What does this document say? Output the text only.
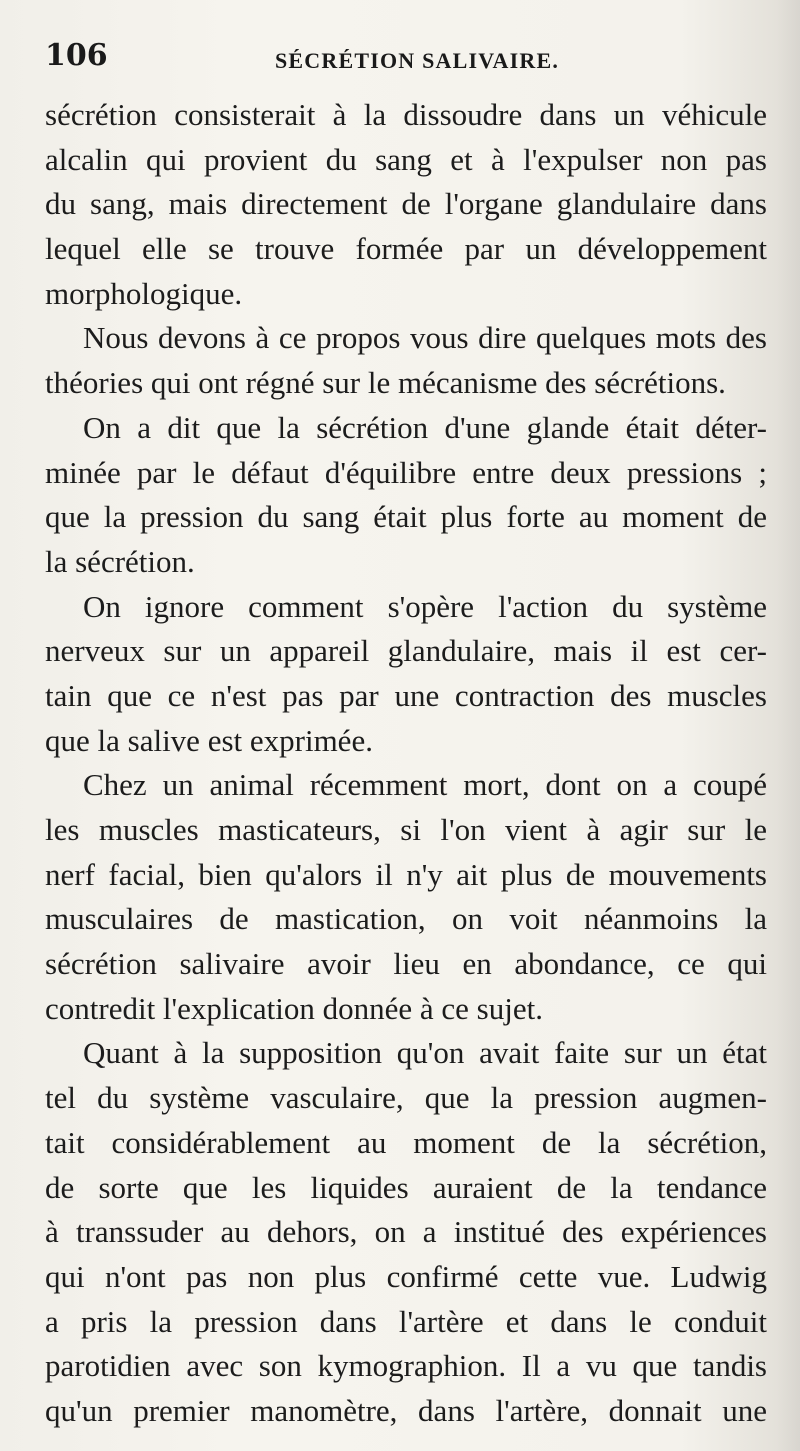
106	SÉCRÉTION SALIVAIRE.
sécrétion consisterait à la dissoudre dans un véhicule
alcalin qui provient du sang et à l'expulser non pas
du sang, mais directement de l'organe glandulaire dans
lequel elle se trouve formée par un développement
morphologique.
Nous devons à ce propos vous dire quelques mots des
théories qui ont régné sur le mécanisme des sécrétions.
On a dit que la sécrétion d'une glande était déter-
minée par le défaut d'équilibre entre deux pressions ;
que la pression du sang était plus forte au moment de
la sécrétion.
On ignore comment s'opère l'action du système
nerveux sur un appareil glandulaire, mais il est cer-
tain que ce n'est pas par une contraction des muscles
que la salive est exprimée.
Chez un animal récemment mort, dont on a coupé
les muscles masticateurs, si l'on vient à agir sur le
nerf facial, bien qu'alors il n'y ait plus de mouvements
musculaires de mastication, on voit néanmoins la
sécrétion salivaire avoir lieu en abondance, ce qui
contredit l'explication donnée à ce sujet.
Quant à la supposition qu'on avait faite sur un état
tel du système vasculaire, que la pression augmen-
tait considérablement au moment de la sécrétion,
de sorte que les liquides auraient de la tendance
à transsuder au dehors, on a institué des expériences
qui n'ont pas non plus confirmé cette vue. Ludwig
a pris la pression dans l'artère et dans le conduit
parotidien avec son kymographion. Il a vu que tandis
qu'un premier manomètre, dans l'artère, donnait une
